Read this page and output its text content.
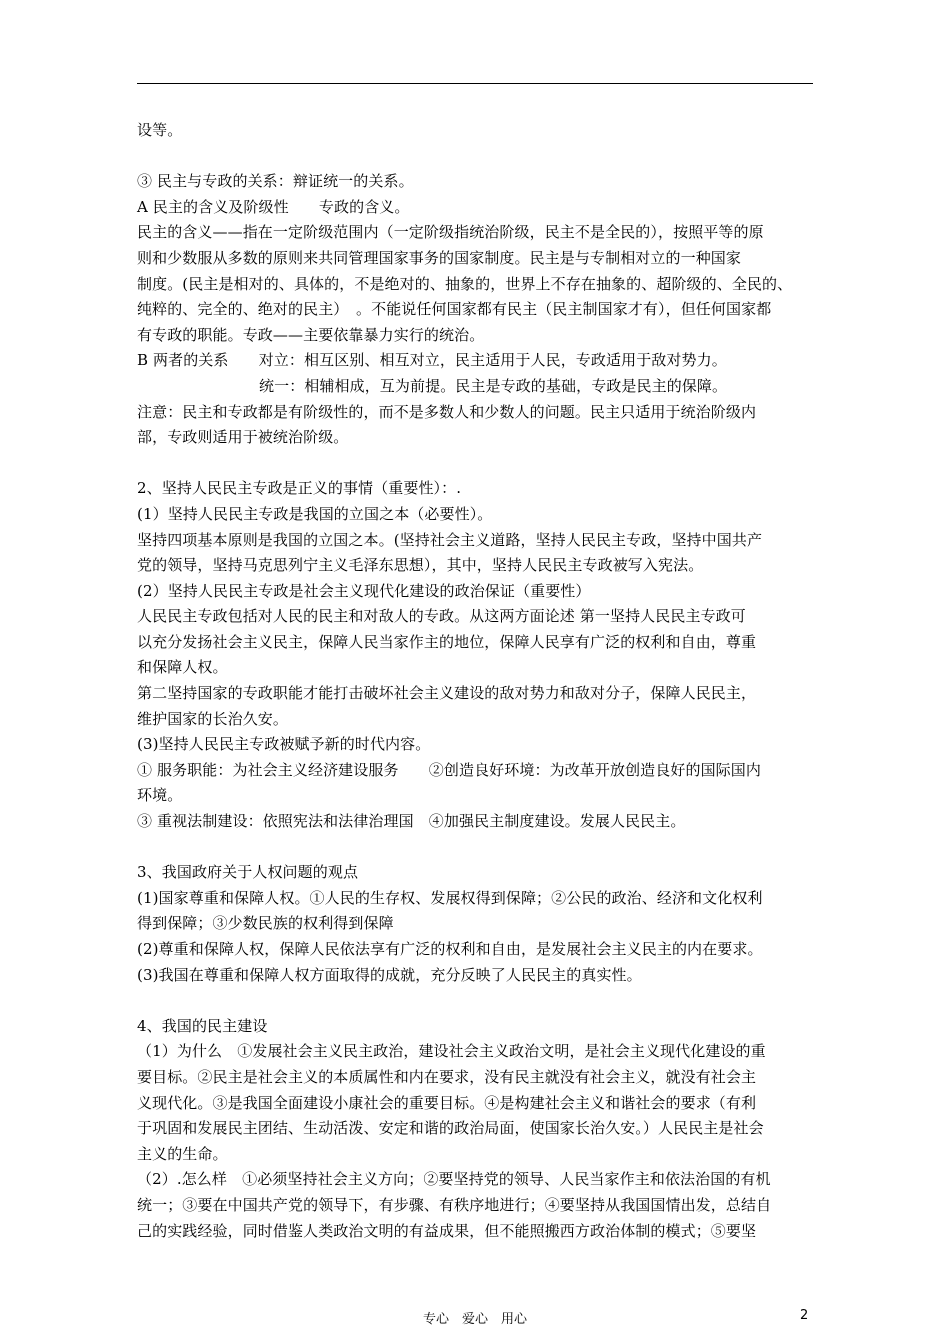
设等。
③ 民主与专政的关系：辩证统一的关系。
A 民主的含义及阶级性　　专政的含义。
民主的含义——指在一定阶级范围内（一定阶级指统治阶级，民主不是全民的），按照平等的原
则和少数服从多数的原则来共同管理国家事务的国家制度。民主是与专制相对立的一种国家
制度。(民主是相对的、具体的，不是绝对的、抽象的，世界上不存在抽象的、超阶级的、全民的、
纯粹的、完全的、绝对的民主）　。不能说任何国家都有民主（民主制国家才有），但任何国家都
有专政的职能。专政——主要依靠暴力实行的统治。
B 两者的关系　　对立：相互区别、相互对立，民主适用于人民，专政适用于敌对势力。
统一：相辅相成，互为前提。民主是专政的基础，专政是民主的保障。
注意：民主和专政都是有阶级性的，而不是多数人和少数人的问题。民主只适用于统治阶级内
部，专政则适用于被统治阶级。
2、坚持人民民主专政是正义的事情（重要性）：.
(1）坚持人民民主专政是我国的立国之本（必要性）。
坚持四项基本原则是我国的立国之本。(坚持社会主义道路，坚持人民民主专政，坚持中国共产
党的领导，坚持马克思列宁主义毛泽东思想），其中，坚持人民民主专政被写入宪法。
(2）坚持人民民主专政是社会主义现代化建设的政治保证（重要性）
人民民主专政包括对人民的民主和对敌人的专政。从这两方面论述 第一坚持人民民主专政可
以充分发扬社会主义民主，保障人民当家作主的地位，保障人民享有广泛的权利和自由，尊重
和保障人权。
第二坚持国家的专政职能才能打击破坏社会主义建设的敌对势力和敌对分子，保障人民民主，
维护国家的长治久安。
(3)坚持人民民主专政被赋予新的时代内容。
① 服务职能：为社会主义经济建设服务　　②创造良好环境：为改革开放创造良好的国际国内
环境。
③ 重视法制建设：依照宪法和法律治理国　④加强民主制度建设。发展人民民主。
3、我国政府关于人权问题的观点
(1)国家尊重和保障人权。①人民的生存权、发展权得到保障；②公民的政治、经济和文化权利
得到保障；③少数民族的权利得到保障
(2)尊重和保障人权，保障人民依法享有广泛的权利和自由，是发展社会主义民主的内在要求。
(3)我国在尊重和保障人权方面取得的成就，充分反映了人民民主的真实性。
4、我国的民主建设
（1）为什么　①发展社会主义民主政治，建设社会主义政治文明，是社会主义现代化建设的重
要目标。②民主是社会主义的本质属性和内在要求，没有民主就没有社会主义，就没有社会主
义现代化。③是我国全面建设小康社会的重要目标。④是构建社会主义和谐社会的要求（有利
于巩固和发展民主团结、生动活泼、安定和谐的政治局面，使国家长治久安。）人民民主是社会
主义的生命。
（2）.怎么样　①必须坚持社会主义方向；②要坚持党的领导、人民当家作主和依法治国的有机
统一；③要在中国共产党的领导下，有步骤、有秩序地进行；④要坚持从我国国情出发，总结自
己的实践经验，同时借鉴人类政治文明的有益成果，但不能照搬西方政治体制的模式；⑤要坚
专心　爱心　用心	2
